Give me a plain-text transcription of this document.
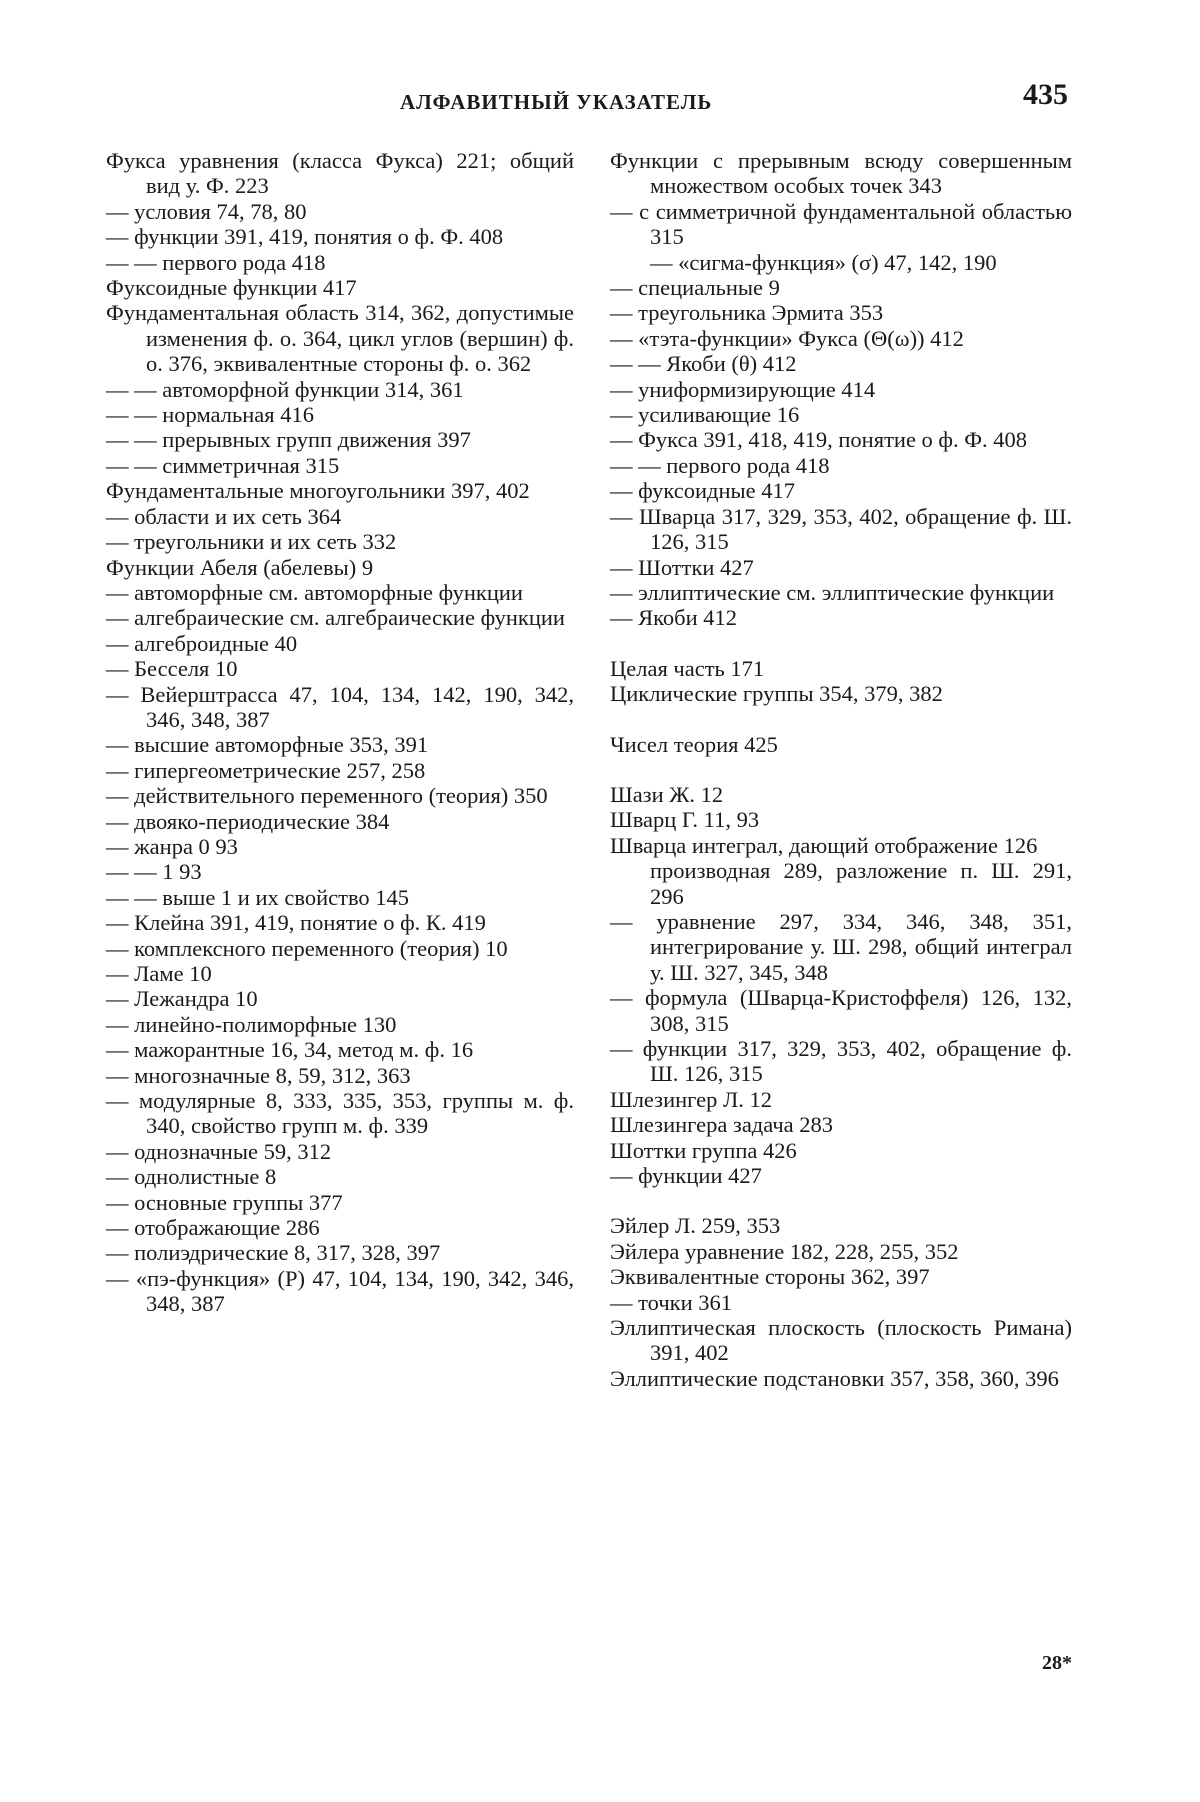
АЛФАВИТНЫЙ УКАЗАТЕЛЬ	435
Фукса уравнения (класса Фукса) 221; общий вид у. Ф. 223
— условия 74, 78, 80
— функции 391, 419, понятия о ф. Ф. 408
— — первого рода 418
Фуксоидные функции 417
Фундаментальная область 314, 362, допустимые изменения ф. о. 364, цикл углов (вершин) ф. о. 376, эквивалентные стороны ф. о. 362
— — автоморфной функции 314, 361
— — нормальная 416
— — прерывных групп движения 397
— — симметричная 315
Фундаментальные многоугольники 397, 402
— области и их сеть 364
— треугольники и их сеть 332
Функции Абеля (абелевы) 9
— автоморфные см. автоморфные функции
— алгебраические см. алгебраические функции
— алгеброидные 40
— Бесселя 10
— Вейерштрасса 47, 104, 134, 142, 190, 342, 346, 348, 387
— высшие автоморфные 353, 391
— гипергеометрические 257, 258
— действительного переменного (теория) 350
— двояко-периодические 384
— жанра 0 93
— — 1 93
— — выше 1 и их свойство 145
— Клейна 391, 419, понятие о ф. К. 419
— комплексного переменного (теория) 10
— Ламе 10
— Лежандра 10
— линейно-полиморфные 130
— мажорантные 16, 34, метод м. ф. 16
— многозначные 8, 59, 312, 363
— модулярные 8, 333, 335, 353, группы м. ф. 340, свойство групп м. ф. 339
— однозначные 59, 312
— однолистные 8
— основные группы 377
— отображающие 286
— полиэдрические 8, 317, 328, 397
— «пэ-функция» (P) 47, 104, 134, 190, 342, 346, 348, 387
Функции с прерывным всюду совершенным множеством особых точек 343
— с симметричной фундаментальной областью 315
— «сигма-функция» (σ) 47, 142, 190
— специальные 9
— треугольника Эрмита 353
— «тэта-функции» Фукса (Θ(ω)) 412
— — Якоби (θ) 412
— униформизирующие 414
— усиливающие 16
— Фукса 391, 418, 419, понятие о ф. Ф. 408
— — первого рода 418
— фуксоидные 417
— Шварца 317, 329, 353, 402, обращение ф. Ш. 126, 315
— Шоттки 427
— эллиптические см. эллиптические функции
— Якоби 412
Целая часть 171
Циклические группы 354, 379, 382
Чисел теория 425
Шази Ж. 12
Шварц Г. 11, 93
Шварца интеграл, дающий отображение 126
производная 289, разложение п. Ш. 291, 296
— уравнение 297, 334, 346, 348, 351, интегрирование у. Ш. 298, общий интеграл у. Ш. 327, 345, 348
— формула (Шварца-Кристоффеля) 126, 132, 308, 315
— функции 317, 329, 353, 402, обращение ф. Ш. 126, 315
Шлезингер Л. 12
Шлезингера задача 283
Шоттки группа 426
— функции 427
Эйлер Л. 259, 353
Эйлера уравнение 182, 228, 255, 352
Эквивалентные стороны 362, 397
— точки 361
Эллиптическая плоскость (плоскость Римана) 391, 402
Эллиптические подстановки 357, 358, 360, 396
28*
